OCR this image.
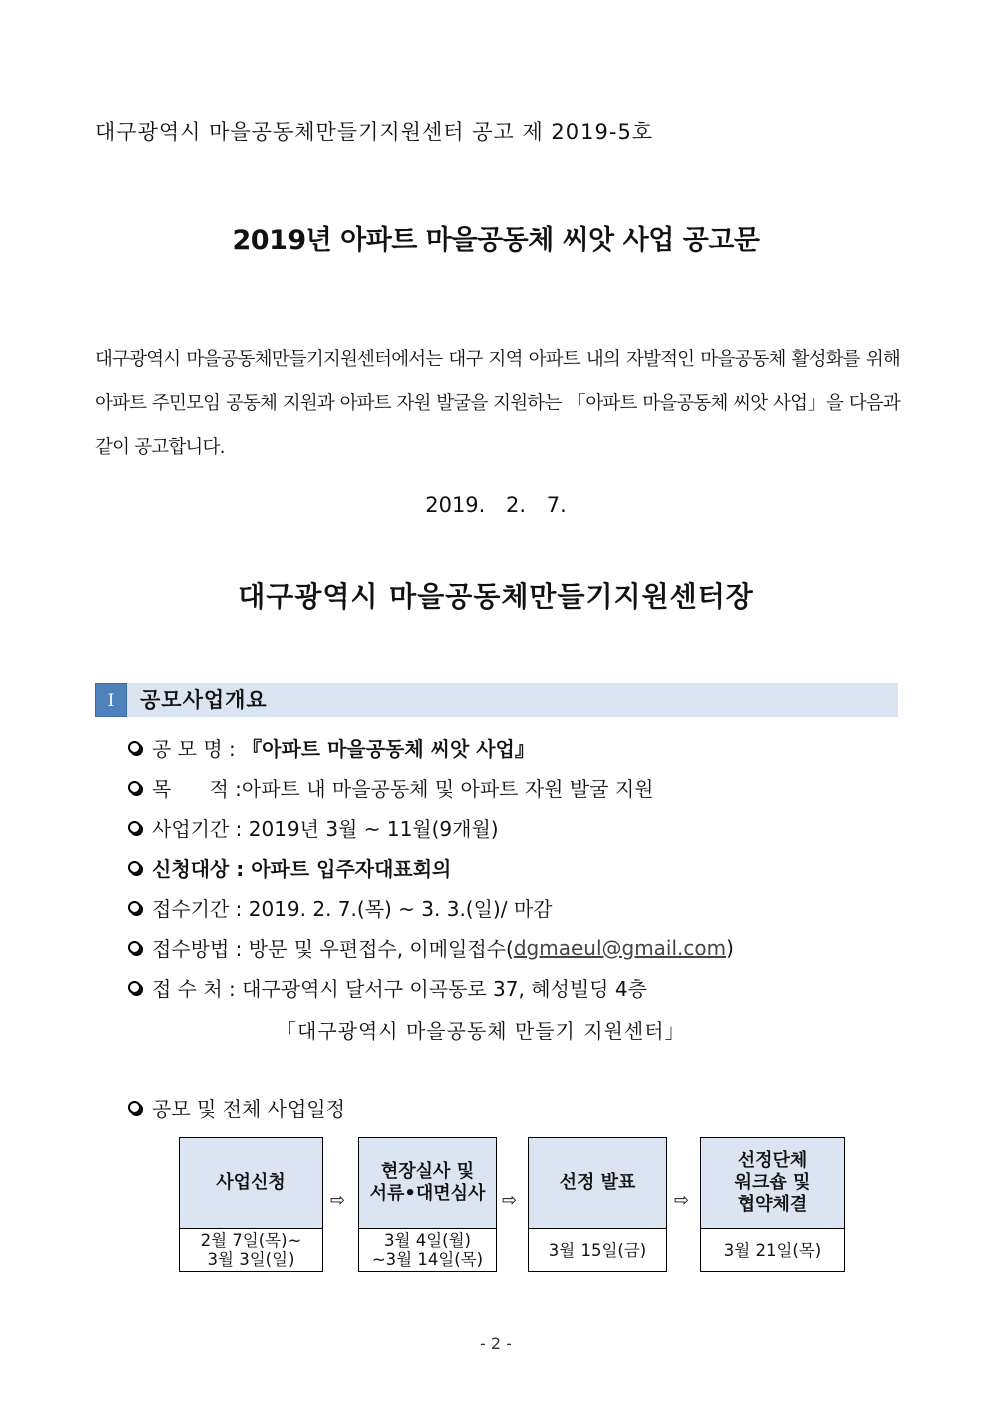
대구광역시 마을공동체만들기지원센터 공고 제 2019-5호
2019년 아파트 마을공동체 씨앗 사업 공고문
대구광역시 마을공동체만들기지원센터에서는 대구 지역 아파트 내의 자발적인 마을공동체 활성화를 위해 아파트 주민모임 공동체 지원과 아파트 자원 발굴을 지원하는 「아파트 마을공동체 씨앗 사업」을 다음과 같이 공고합니다.
2019. 2. 7.
대구광역시 마을공동체만들기지원센터장
I	공모사업개요
공 모 명 :
『아파트 마을공동체 씨앗 사업』
목      적 : 아파트 내 마을공동체 및 아파트 자원 발굴 지원
사업기간 :
2019년 3월 ~ 11월(9개월)
신청대상 :
아파트 입주자대표회의
접수기간 :
2019. 2. 7.(목) ~ 3. 3.(일)/ 마감
접수방법 :
방문 및 우편접수, 이메일접수( dgmaeul@gmail.com )
접 수 처 :
대구광역시 달서구 이곡동로 37, 혜성빌딩 4층
「대구광역시 마을공동체 만들기 지원센터」
공모 및 전체 사업일정
사업신청
2월 7일(목)~
3월 3일(일)
⇨
현장실사 및
서류•대면심사
3월 4일(월)
~3월 14일(목)
⇨
선정 발표
3월 15일(금)
⇨
선정단체
워크숍 및
협약체결
3월 21일(목)
- 2 -
